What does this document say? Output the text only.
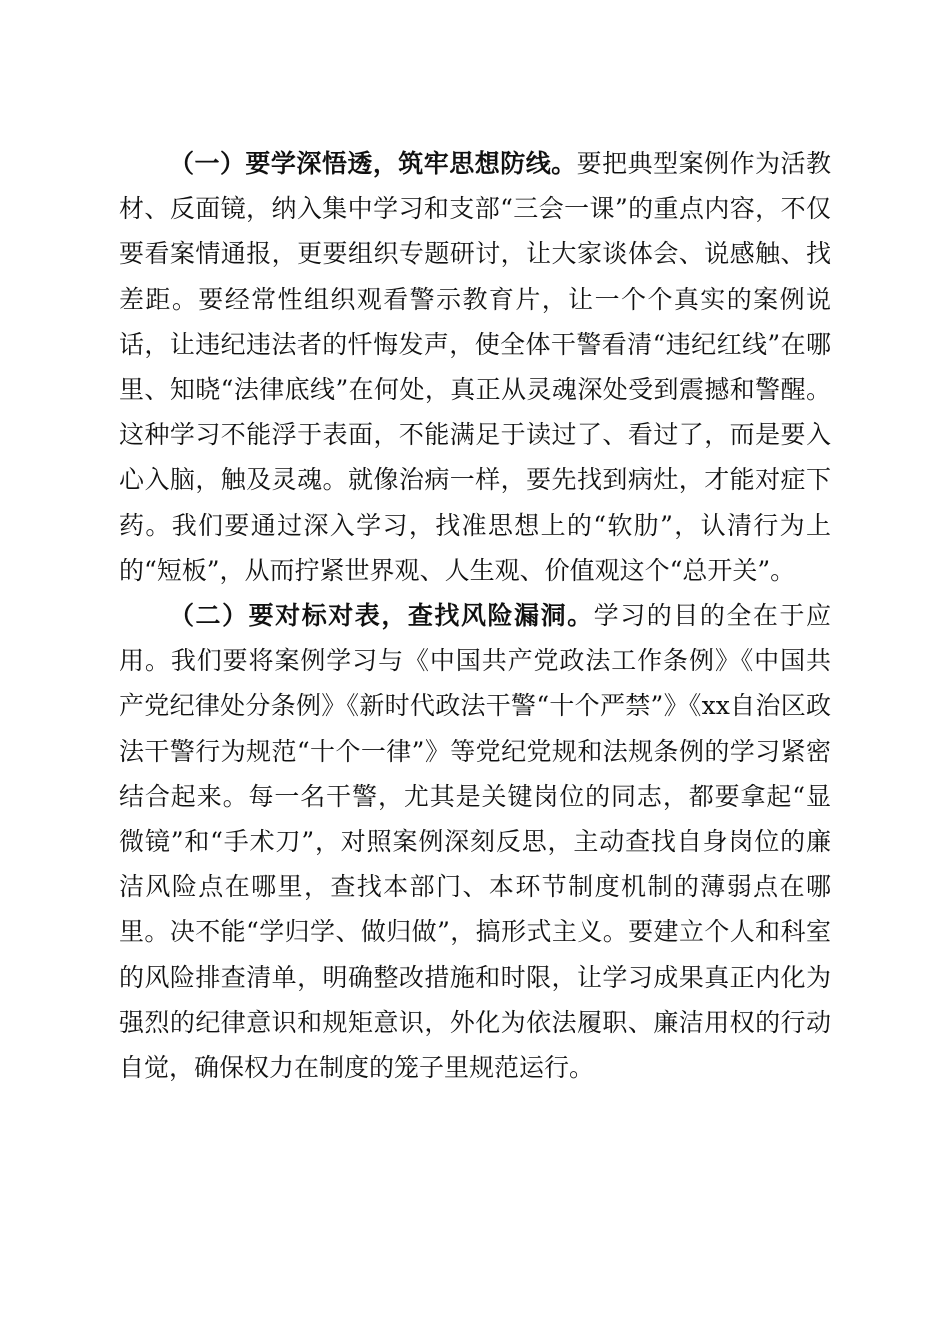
（一）要学深悟透，筑牢思想防线。要把典型案例作为活教材、反面镜，纳入集中学习和支部“三会一课”的重点内容，不仅要看案情通报，更要组织专题研讨，让大家谈体会、说感触、找差距。要经常性组织观看警示教育片，让一个个真实的案例说话，让违纪违法者的忏悔发声，使全体干警看清“违纪红线”在哪里、知晓“法律底线”在何处，真正从灵魂深处受到震撼和警醒。这种学习不能浮于表面，不能满足于读过了、看过了，而是要入心入脑，触及灵魂。就像治病一样，要先找到病灶，才能对症下药。我们要通过深入学习，找准思想上的“软肋”，认清行为上的“短板”，从而拧紧世界观、人生观、价值观这个“总开关”。

（二）要对标对表，查找风险漏洞。学习的目的全在于应用。我们要将案例学习与《中国共产党政法工作条例》《中国共产党纪律处分条例》《新时代政法干警“十个严禁”》《xx自治区政法干警行为规范“十个一律”》等党纪党规和法规条例的学习紧密结合起来。每一名干警，尤其是关键岗位的同志，都要拿起“显微镜”和“手术刀”，对照案例深刻反思，主动查找自身岗位的廉洁风险点在哪里，查找本部门、本环节制度机制的薄弱点在哪里。决不能“学归学、做归做”，搞形式主义。要建立个人和科室的风险排查清单，明确整改措施和时限，让学习成果真正内化为强烈的纪律意识和规矩意识，外化为依法履职、廉洁用权的行动自觉，确保权力在制度的笼子里规范运行。
